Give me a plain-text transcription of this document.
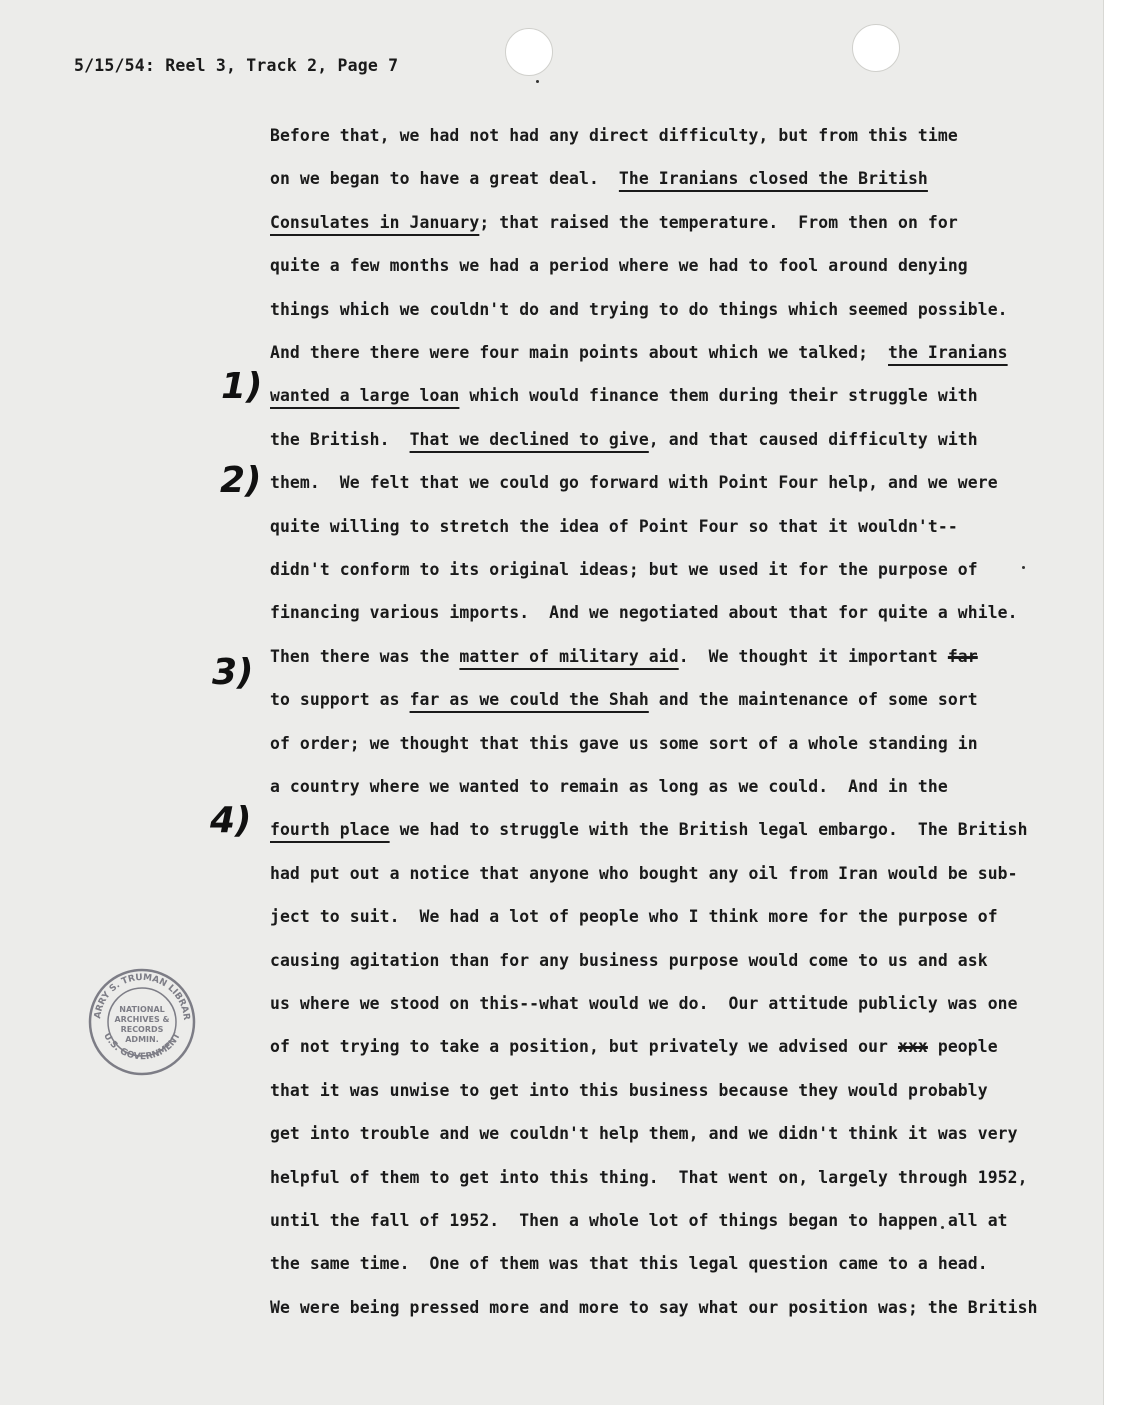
5/15/54: Reel 3, Track 2, Page 7
Before that, we had not had any direct difficulty, but from this time
on we began to have a great deal.  The Iranians closed the British
Consulates in January; that raised the temperature.  From then on for
quite a few months we had a period where we had to fool around denying
things which we couldn't do and trying to do things which seemed possible.
And there there were four main points about which we talked;  the Iranians
wanted a large loan which would finance them during their struggle with
the British.  That we declined to give, and that caused difficulty with
them.  We felt that we could go forward with Point Four help, and we were
quite willing to stretch the idea of Point Four so that it wouldn't--
didn't conform to its original ideas; but we used it for the purpose of
financing various imports.  And we negotiated about that for quite a while.
Then there was the matter of military aid.  We thought it important far
to support as far as we could the Shah and the maintenance of some sort
of order; we thought that this gave us some sort of a whole standing in
a country where we wanted to remain as long as we could.  And in the
fourth place we had to struggle with the British legal embargo.  The British
had put out a notice that anyone who bought any oil from Iran would be sub-
ject to suit.  We had a lot of people who I think more for the purpose of
causing agitation than for any business purpose would come to us and ask
us where we stood on this--what would we do.  Our attitude publicly was one
of not trying to take a position, but privately we advised our xxx people
that it was unwise to get into this business because they would probably
get into trouble and we couldn't help them, and we didn't think it was very
helpful of them to get into this thing.  That went on, largely through 1952,
until the fall of 1952.  Then a whole lot of things began to happen all at
the same time.  One of them was that this legal question came to a head.
We were being pressed more and more to say what our position was; the British
1)
2)
3)
4)
NATIONAL
ARCHIVES &
RECORDS
ADMIN.
ARRY S. TRUMAN LIBRAR
U.S. GOVERNMENT
